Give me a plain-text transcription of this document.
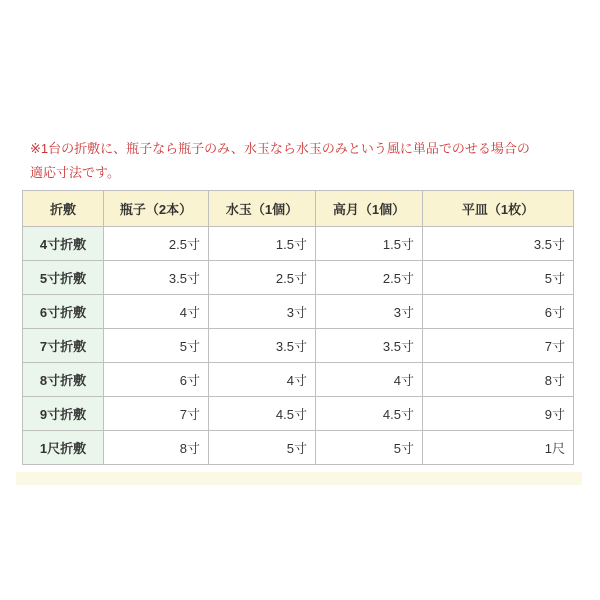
※1台の折敷に、瓶子なら瓶子のみ、水玉なら水玉のみという風に単品でのせる場合の
適応寸法です。

折敷	瓶子（2本）	水玉（1個）	高月（1個）	平皿（1枚）
4寸折敷	2.5寸	1.5寸	1.5寸	3.5寸
5寸折敷	3.5寸	2.5寸	2.5寸	5寸
6寸折敷	4寸	3寸	3寸	6寸
7寸折敷	5寸	3.5寸	3.5寸	7寸
8寸折敷	6寸	4寸	4寸	8寸
9寸折敷	7寸	4.5寸	4.5寸	9寸
1尺折敷	8寸	5寸	5寸	1尺
